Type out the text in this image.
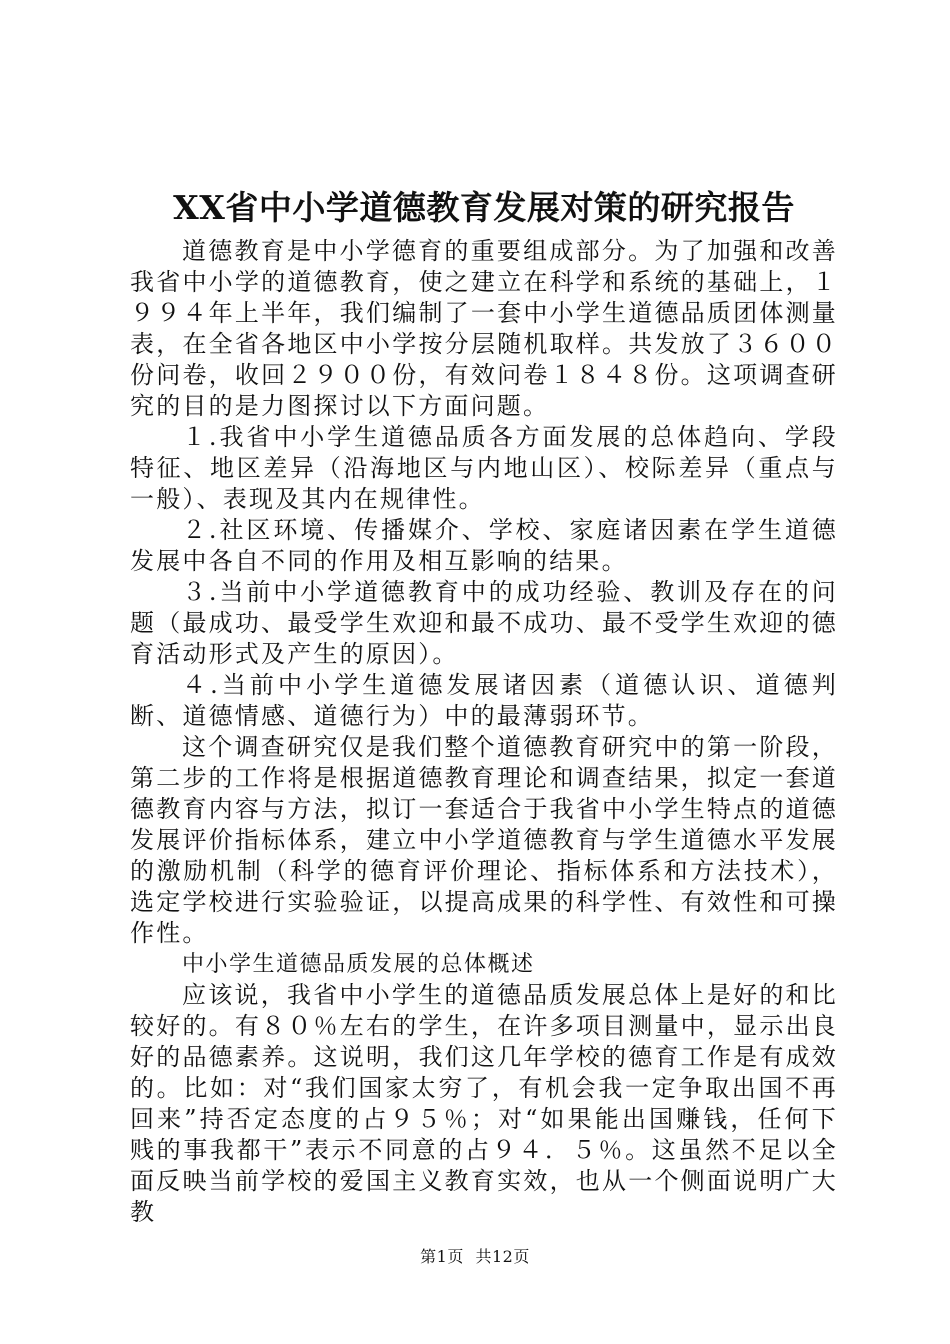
XX省中小学道德教育发展对策的研究报告

道德教育是中小学德育的重要组成部分。为了加强和改善我省中小学的道德教育，使之建立在科学和系统的基础上，１９９４年上半年，我们编制了一套中小学生道德品质团体测量表，在全省各地区中小学按分层随机取样。共发放了３６００份问卷，收回２９００份，有效问卷１８４８份。这项调查研究的目的是力图探讨以下方面问题。

１.我省中小学生道德品质各方面发展的总体趋向、学段特征、地区差异（沿海地区与内地山区）、校际差异（重点与一般）、表现及其内在规律性。

２.社区环境、传播媒介、学校、家庭诸因素在学生道德发展中各自不同的作用及相互影响的结果。

３.当前中小学道德教育中的成功经验、教训及存在的问题（最成功、最受学生欢迎和最不成功、最不受学生欢迎的德育活动形式及产生的原因）。

４.当前中小学生道德发展诸因素（道德认识、道德判断、道德情感、道德行为）中的最薄弱环节。

这个调查研究仅是我们整个道德教育研究中的第一阶段，第二步的工作将是根据道德教育理论和调查结果，拟定一套道德教育内容与方法，拟订一套适合于我省中小学生特点的道德发展评价指标体系，建立中小学道德教育与学生道德水平发展的激励机制（科学的德育评价理论、指标体系和方法技术），选定学校进行实验验证，以提高成果的科学性、有效性和可操作性。

中小学生道德品质发展的总体概述

应该说，我省中小学生的道德品质发展总体上是好的和比较好的。有８０％左右的学生，在许多项目测量中，显示出良好的品德素养。这说明，我们这几年学校的德育工作是有成效的。比如：对“我们国家太穷了，有机会我一定争取出国不再回来”持否定态度的占９５％；对“如果能出国赚钱，任何下贱的事我都干”表示不同意的占９４．５％。这虽然不足以全面反映当前学校的爱国主义教育实效，也从一个侧面说明广大教

第1页 共12页
